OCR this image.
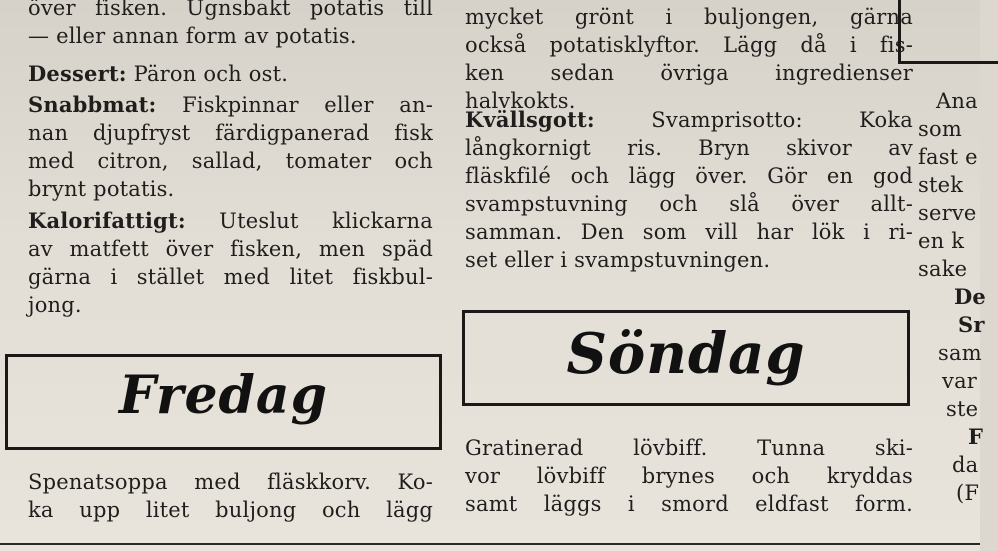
över fisken. Ugnsbakt potatis till
— eller annan form av potatis.
Dessert: Päron och ost.
Snabbmat: Fiskpinnar eller an-
nan djupfryst färdigpanerad fisk
med citron, sallad, tomater och
brynt potatis.
Kalorifattigt: Uteslut klickarna
av matfett över fisken, men späd
gärna i stället med litet fiskbul-
jong.
Spenatsoppa med fläskkorv. Ko-
ka upp litet buljong och lägg
Fredag
mycket grönt i buljongen, gärna
också potatisklyftor. Lägg då i fis-
ken sedan övriga ingredienser
halvkokts.
Kvällsgott: Svamprisotto: Koka
långkornigt ris. Bryn skivor av
fläskfilé och lägg över. Gör en god
svampstuvning och slå över allt-
samman. Den som vill har lök i ri-
set eller i svampstuvningen.
Gratinerad lövbiff. Tunna ski-
vor lövbiff brynes och kryddas
samt läggs i smord eldfast form.
Söndag
Ana
som
fast e
stek
serve
en k
sake
De
Sr
sam
var
ste
F
da
(F
